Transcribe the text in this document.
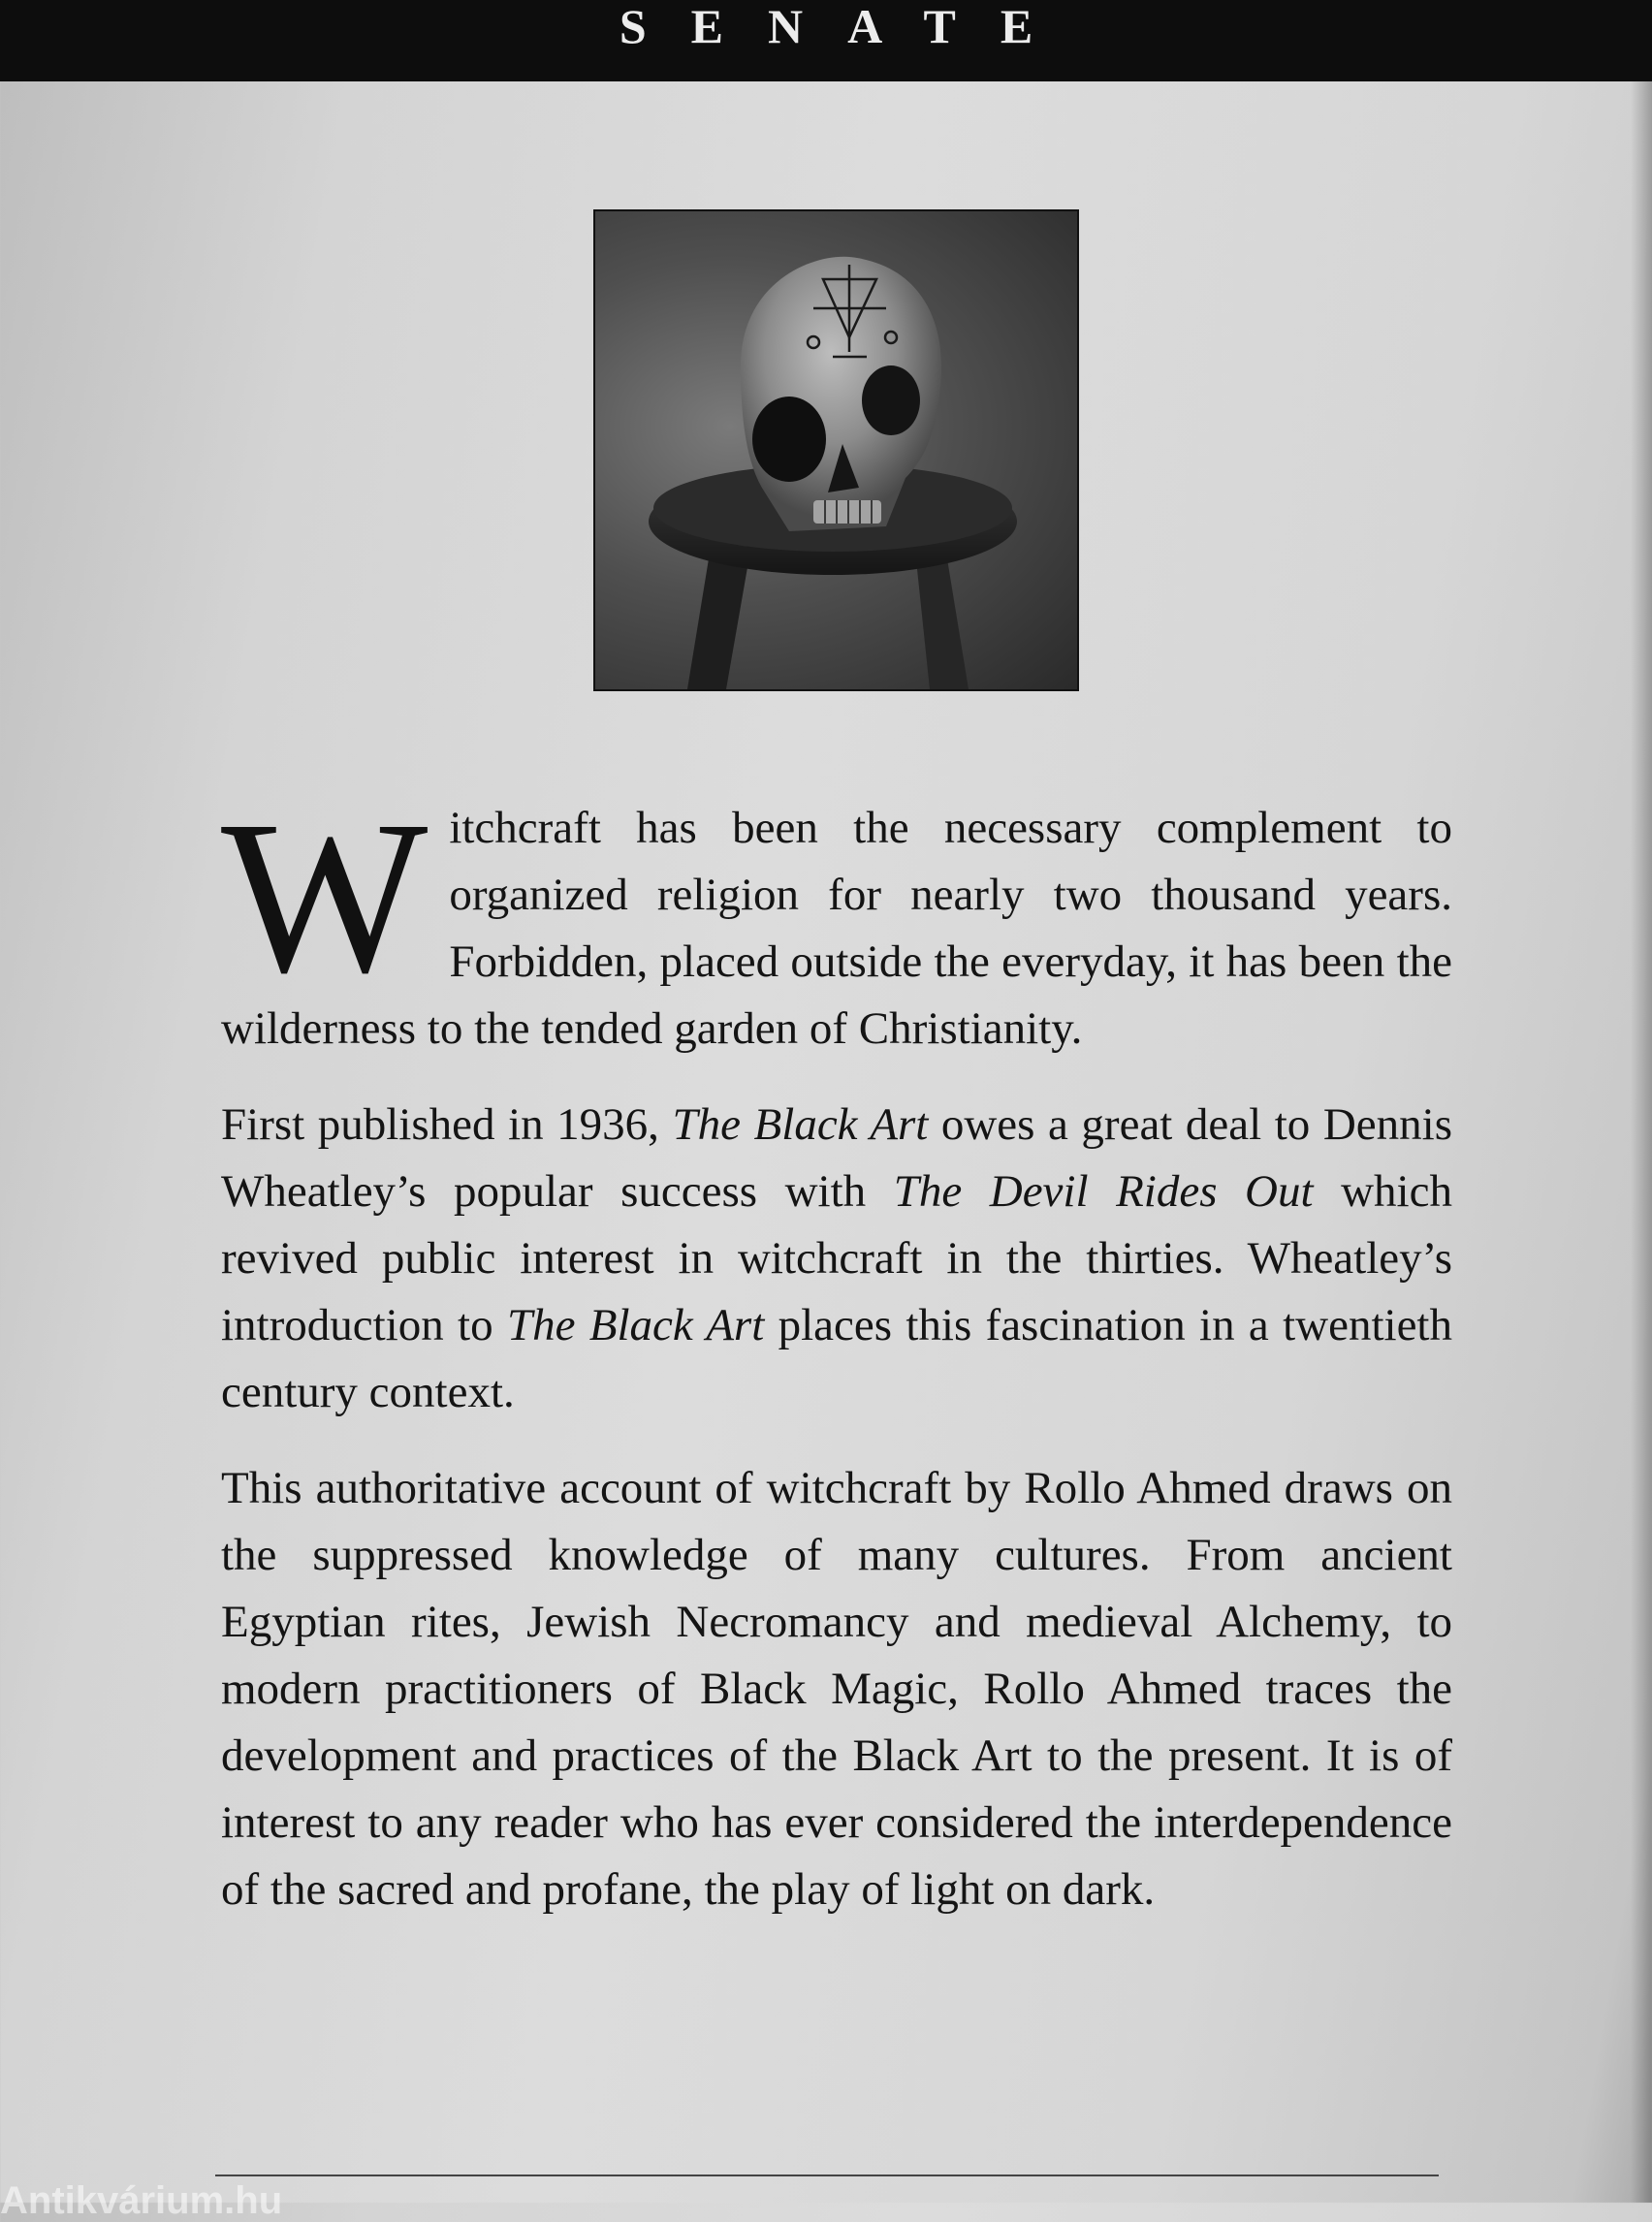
SENATE

Witchcraft has been the necessary complement to organized religion for nearly two thousand years. Forbidden, placed outside the everyday, it has been the wilderness to the tended garden of Christianity.

First published in 1936, The Black Art owes a great deal to Dennis Wheatley’s popular success with The Devil Rides Out which revived public interest in witchcraft in the thirties. Wheatley’s introduction to The Black Art places this fascination in a twentieth century context.

This authoritative account of witchcraft by Rollo Ahmed draws on the suppressed knowledge of many cultures. From ancient Egyptian rites, Jewish Necromancy and medieval Alchemy, to modern practitioners of Black Magic, Rollo Ahmed traces the development and practices of the Black Art to the present. It is of interest to any reader who has ever considered the interdependence of the sacred and profane, the play of light on dark.

Antikvárium.hu
